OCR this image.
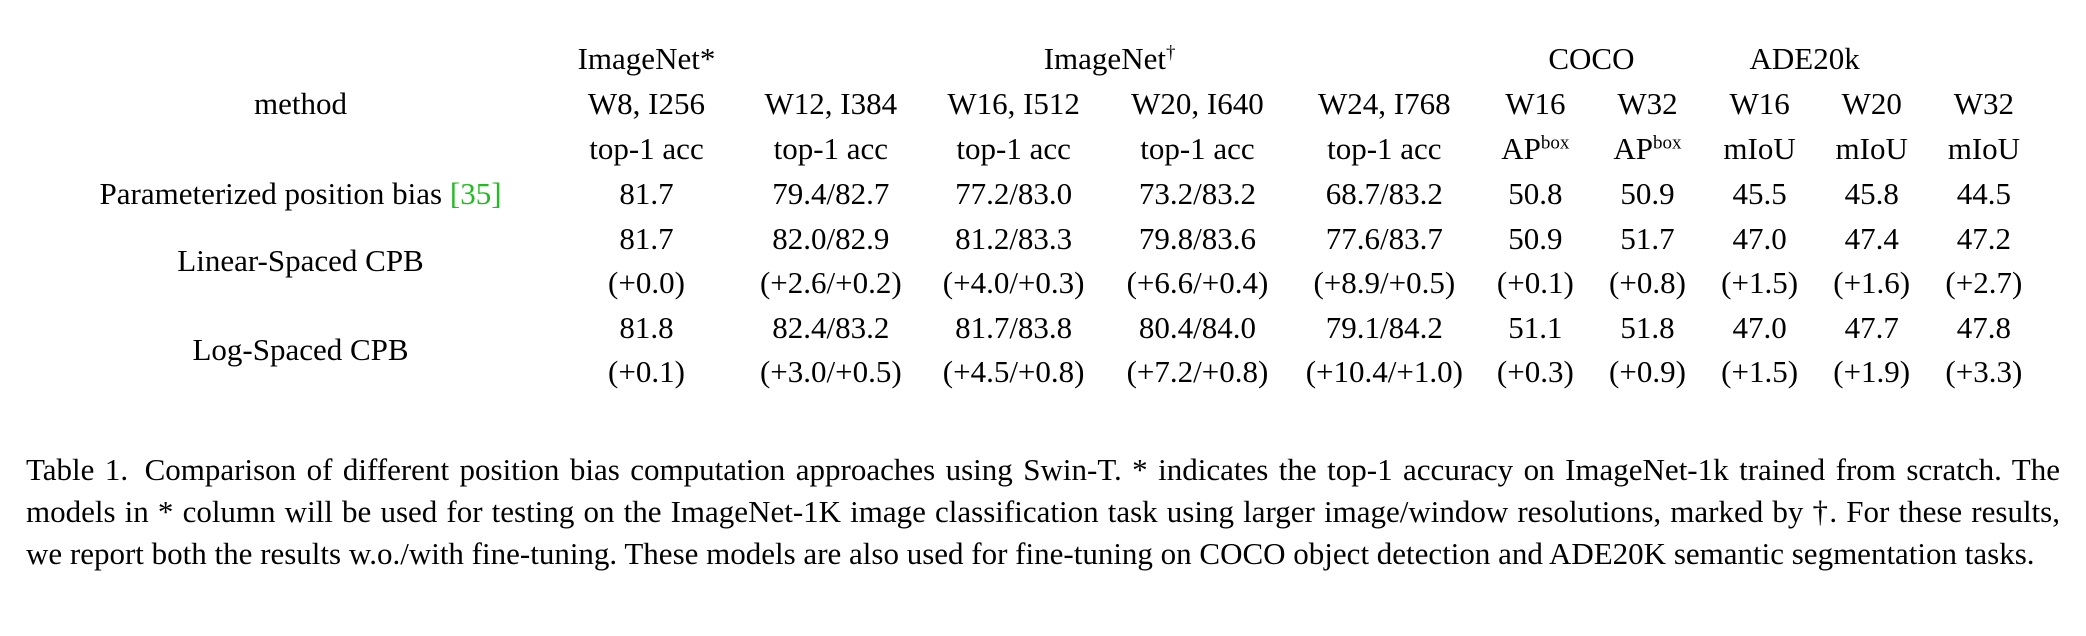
method	ImageNet*	ImageNet†				COCO		ADE20k		
	W8, I256	W12, I384	W16, I512	W20, I640	W24, I768	W16	W32	W16	W20	W32
	top-1 acc	top-1 acc	top-1 acc	top-1 acc	top-1 acc	$AP^{box}$	$AP^{box}$	mIoU	mIoU	mIoU
Parameterized position bias [35]	81.7	79.4/82.7	77.2/83.0	73.2/83.2	68.7/83.2	50.8	50.9	45.5	45.8	44.5
Linear-Spaced CPB	81.7	82.0/82.9	81.2/83.3	79.8/83.6	77.6/83.7	50.9	51.7	47.0	47.4	47.2
	(+0.0)	(+2.6/+0.2)	(+4.0/+0.3)	(+6.6/+0.4)	(+8.9/+0.5)	(+0.1)	(+0.8)	(+1.5)	(+1.6)	(+2.7)
Log-Spaced CPB	81.8	82.4/83.2	81.7/83.8	80.4/84.0	79.1/84.2	51.1	51.8	47.0	47.7	47.8
	(+0.1)	(+3.0/+0.5)	(+4.5/+0.8)	(+7.2/+0.8)	(+10.4/+1.0)	(+0.3)	(+0.9)	(+1.5)	(+1.9)	(+3.3)
Table 1. Comparison of different position bias computation approaches using Swin-T. * indicates the top-1 accuracy on ImageNet-1k trained from scratch. The models in * column will be used for testing on the ImageNet-1K image classification task using larger image/window resolutions, marked by †. For these results, we report both the results w.o./with fine-tuning. These models are also used for fine-tuning on COCO object detection and ADE20K semantic segmentation tasks.
